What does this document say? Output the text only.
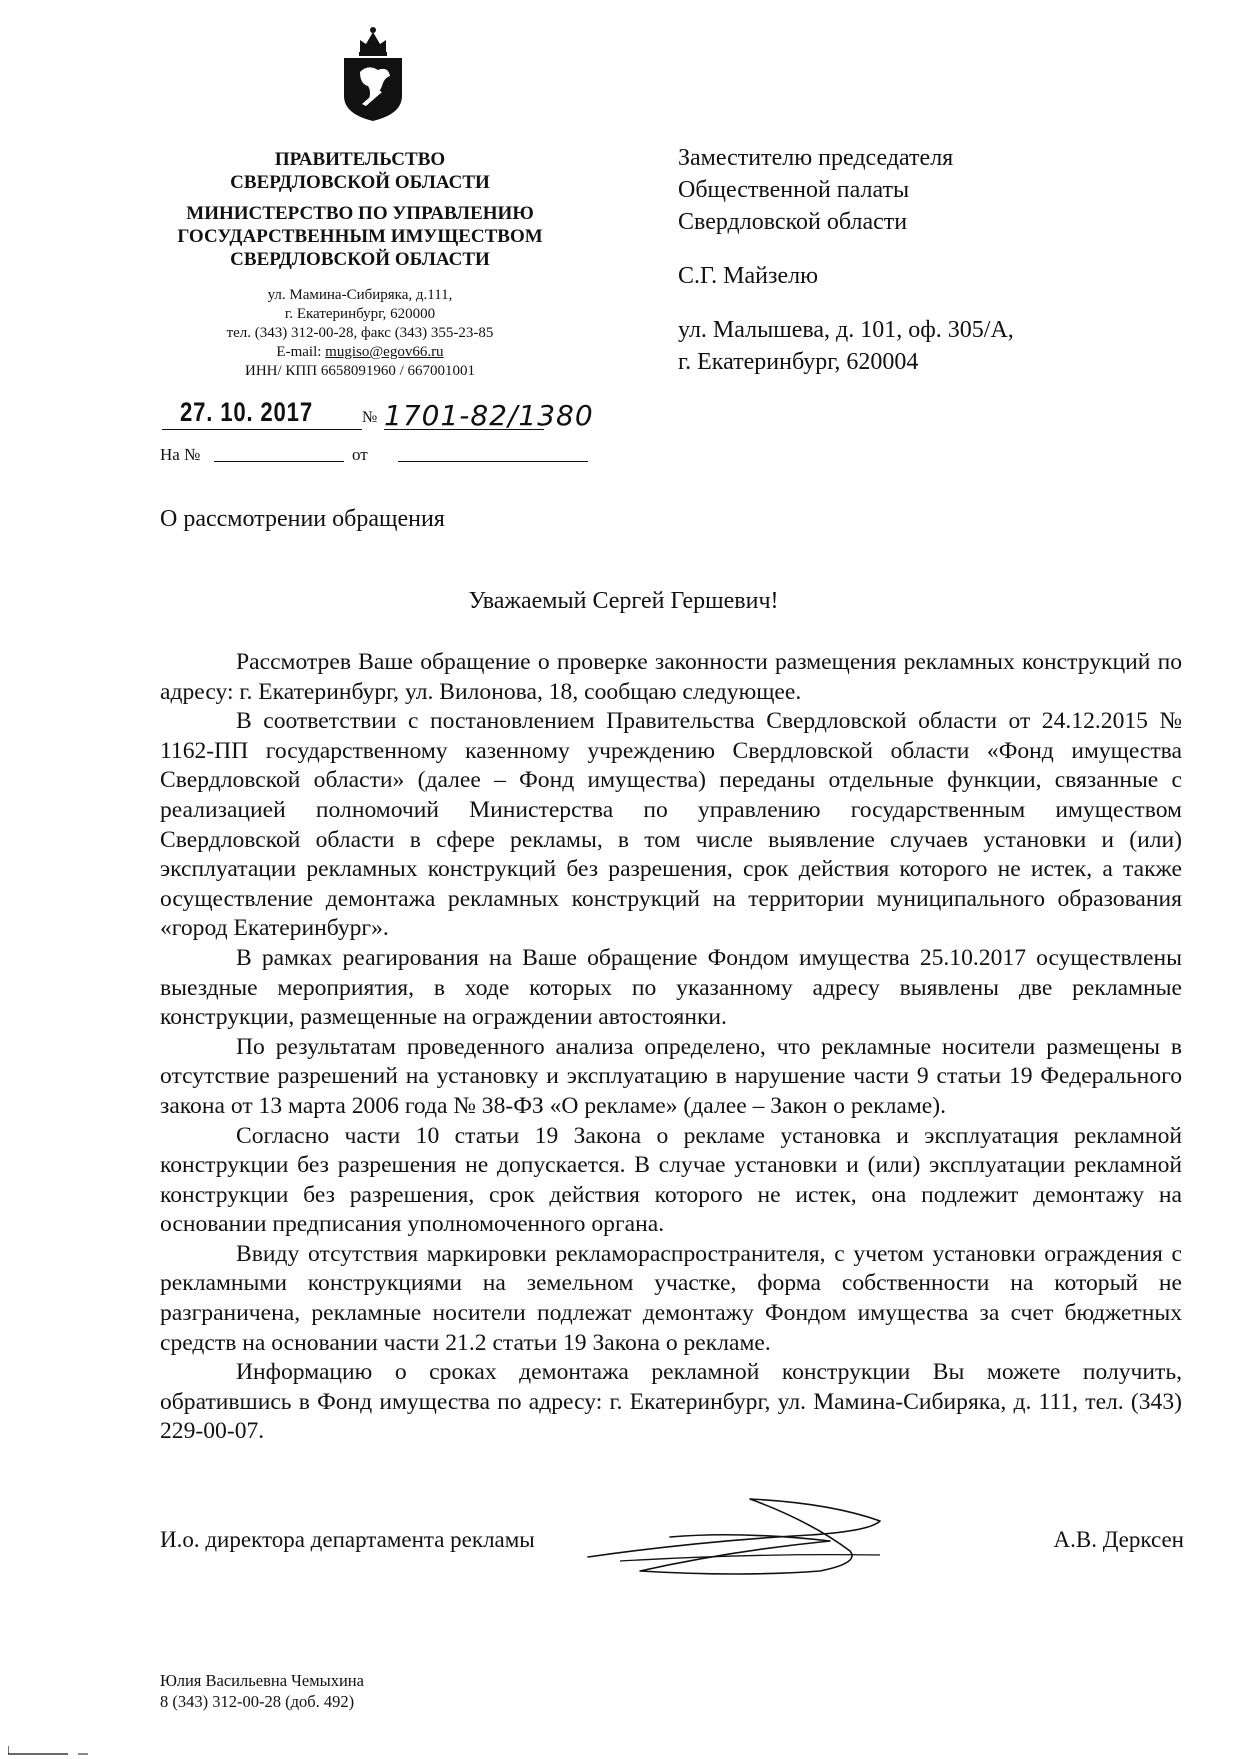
ПРАВИТЕЛЬСТВО
СВЕРДЛОВСКОЙ ОБЛАСТИ
МИНИСТЕРСТВО ПО УПРАВЛЕНИЮ
ГОСУДАРСТВЕННЫМ ИМУЩЕСТВОМ
СВЕРДЛОВСКОЙ ОБЛАСТИ
ул. Мамина-Сибиряка, д.111,
г. Екатеринбург, 620000
тел. (343) 312-00-28, факс (343) 355-23-85
E-mail: mugiso@egov66.ru
ИНН/ КПП 6658091960 / 667001001
27. 10. 2017	№ 1701-82/1380
На №	от
Заместителю председателя
Общественной палаты
Свердловской области
С.Г. Майзелю
ул. Малышева, д. 101, оф. 305/А,
г. Екатеринбург, 620004
О рассмотрении обращения
Уважаемый Сергей Гершевич!

Рассмотрев Ваше обращение о проверке законности размещения рекламных конструкций по адресу: г. Екатеринбург, ул. Вилонова, 18, сообщаю следующее.

В соответствии с постановлением Правительства Свердловской области от 24.12.2015 № 1162-ПП государственному казенному учреждению Свердловской области «Фонд имущества Свердловской области» (далее – Фонд имущества) переданы отдельные функции, связанные с реализацией полномочий Министерства по управлению государственным имуществом Свердловской области в сфере рекламы, в том числе выявление случаев установки и (или) эксплуатации рекламных конструкций без разрешения, срок действия которого не истек, а также осуществление демонтажа рекламных конструкций на территории муниципального образования «город Екатеринбург».

В рамках реагирования на Ваше обращение Фондом имущества 25.10.2017 осуществлены выездные мероприятия, в ходе которых по указанному адресу выявлены две рекламные конструкции, размещенные на ограждении автостоянки.

По результатам проведенного анализа определено, что рекламные носители размещены в отсутствие разрешений на установку и эксплуатацию в нарушение части 9 статьи 19 Федерального закона от 13 марта 2006 года № 38-ФЗ «О рекламе» (далее – Закон о рекламе).

Согласно части 10 статьи 19 Закона о рекламе установка и эксплуатация рекламной конструкции без разрешения не допускается. В случае установки и (или) эксплуатации рекламной конструкции без разрешения, срок действия которого не истек, она подлежит демонтажу на основании предписания уполномоченного органа.

Ввиду отсутствия маркировки рекламораспространителя, с учетом установки ограждения с рекламными конструкциями на земельном участке, форма собственности на который не разграничена, рекламные носители подлежат демонтажу Фондом имущества за счет бюджетных средств на основании части 21.2 статьи 19 Закона о рекламе.

Информацию о сроках демонтажа рекламной конструкции Вы можете получить, обратившись в Фонд имущества по адресу: г. Екатеринбург, ул. Мамина-Сибиряка, д. 111, тел. (343) 229-00-07.

И.о. директора департамента рекламы	А.В. Дерксен
Юлия Васильевна Чемыхина
8 (343) 312-00-28 (доб. 492)
